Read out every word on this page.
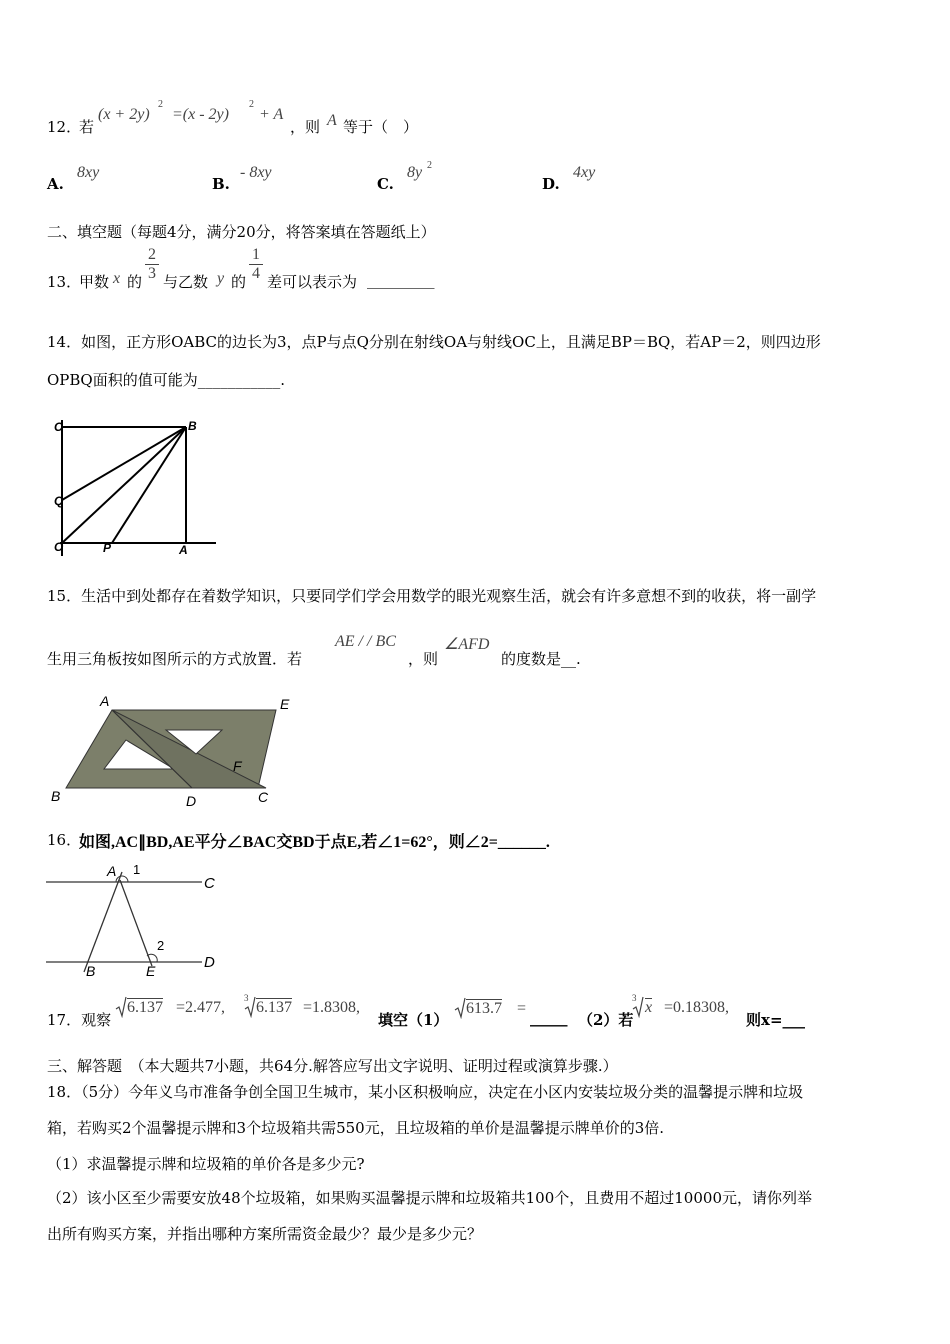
12．
若
(x + 2y)
2
=(x - 2y)
2
+ A
，则 A 等于（　）
A.
8xy
B.
- 8xy
C.
8y 2
D.
4xy
二、填空题（每题4分，满分20分，将答案填在答题纸上）
13．
甲数 x 的 $\frac{2}{3}$ 与乙数 y 的 $\frac{1}{4}$ 差可以表示为 _________
14．如图，正方形OABC的边长为3，点P与点Q分别在射线OA与射线OC上，且满足BP＝BQ，若AP＝2，则四边形
OPBQ面积的值可能为___________.
C	B
Q
O	P	A
15．生活中到处都存在着数学知识，只要同学们学会用数学的眼光观察生活，就会有许多意想不到的收获，将一副学
生用三角板按如图所示的方式放置．若
AE / / BC
，则
∠AFD
的度数是__.
A	E
F
B	D	C
16．
如图,AC∥BD,AE平分∠BAC交BD于点E,若∠1=62°，则∠2=______.
A 1
C
2
B	E	D
17．观察
6.137 =2.477,
3
6.137 =1.8308,
填空（1）
613.7 =
_____ （2）若
3
x =0.18308,
则x=___
三、解答题　（本大题共7小题，共64分.解答应写出文字说明、证明过程或演算步骤.）
18．（5分）今年义乌市准备争创全国卫生城市，某小区积极响应，决定在小区内安装垃圾分类的温馨提示牌和垃圾
箱，若购买2个温馨提示牌和3个垃圾箱共需550元，且垃圾箱的单价是温馨提示牌单价的3倍.
（1）求温馨提示牌和垃圾箱的单价各是多少元?
（2）该小区至少需要安放48个垃圾箱，如果购买温馨提示牌和垃圾箱共100个，且费用不超过10000元，请你列举
出所有购买方案，并指出哪种方案所需资金最少？最少是多少元？
